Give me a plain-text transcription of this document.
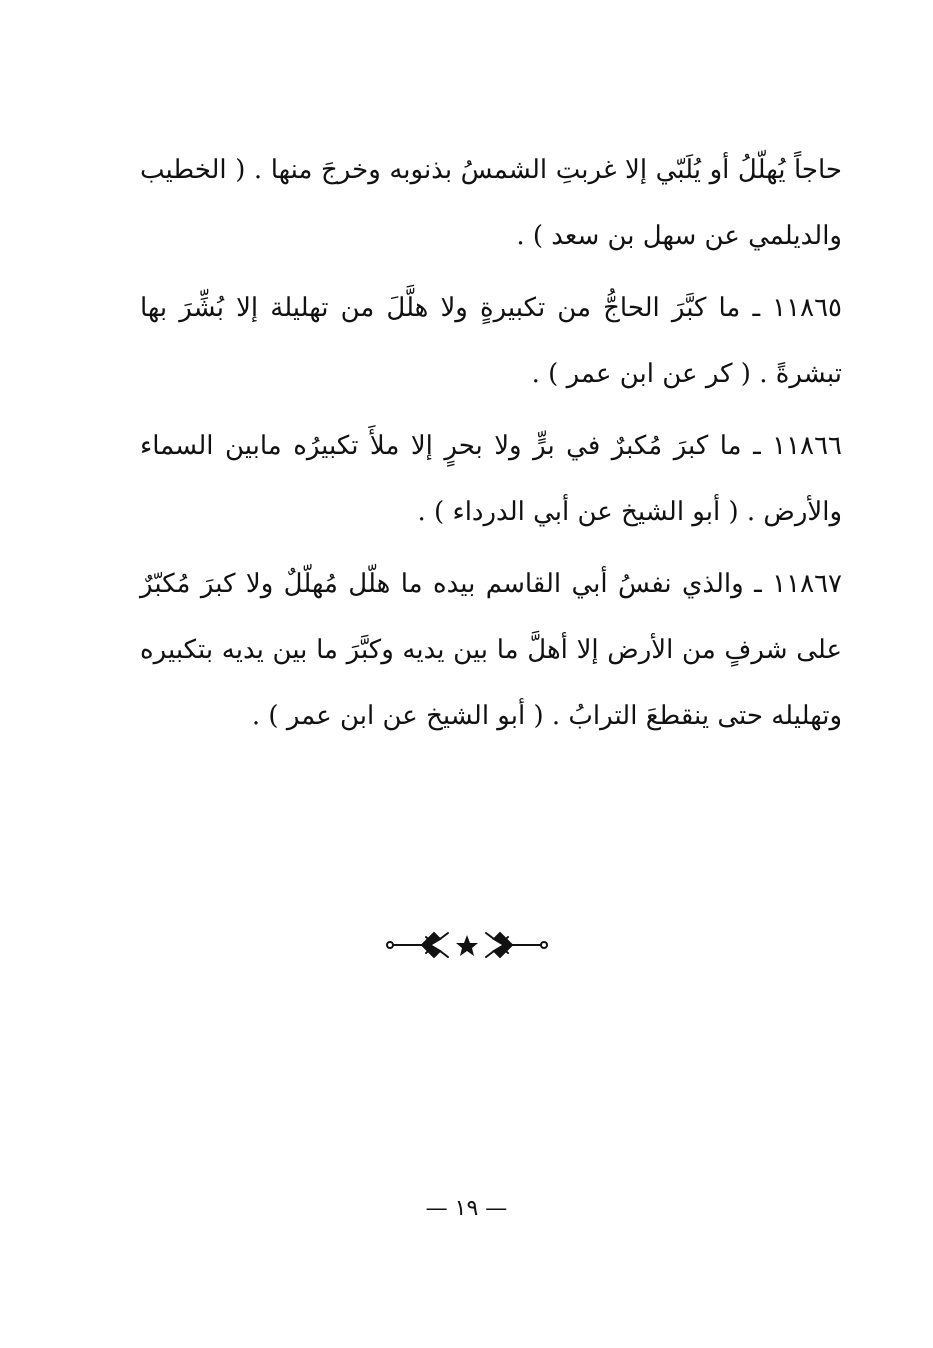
حاجاً يُهلّلُ أو يُلَبّي إلا غربتِ الشمسُ بذنوبه وخرجَ منها . ( الخطيب والديلمي عن سهل بن سعد ) .

١١٨٦٥ ـ ما كبَّرَ الحاجُّ من تكبيرةٍ ولا هلَّلَ من تهليلة إلا بُشِّرَ بها تبشرةً . ( كر عن ابن عمر ) .

١١٨٦٦ ـ ما كبرَ مُكبرٌ في برٍّ ولا بحرٍ إلا ملأَ تكبيرُه مابين السماء والأرض . ( أبو الشيخ عن أبي الدرداء ) .

١١٨٦٧ ـ والذي نفسُ أبي القاسم بيده ما هلّل مُهلّلٌ ولا كبرَ مُكبّرٌ على شرفٍ من الأرض إلا أهلَّ ما بين يديه وكبَّرَ ما بين يديه بتكبيره وتهليله حتى ينقطعَ الترابُ . ( أبو الشيخ عن ابن عمر ) .

— ١٩ —
